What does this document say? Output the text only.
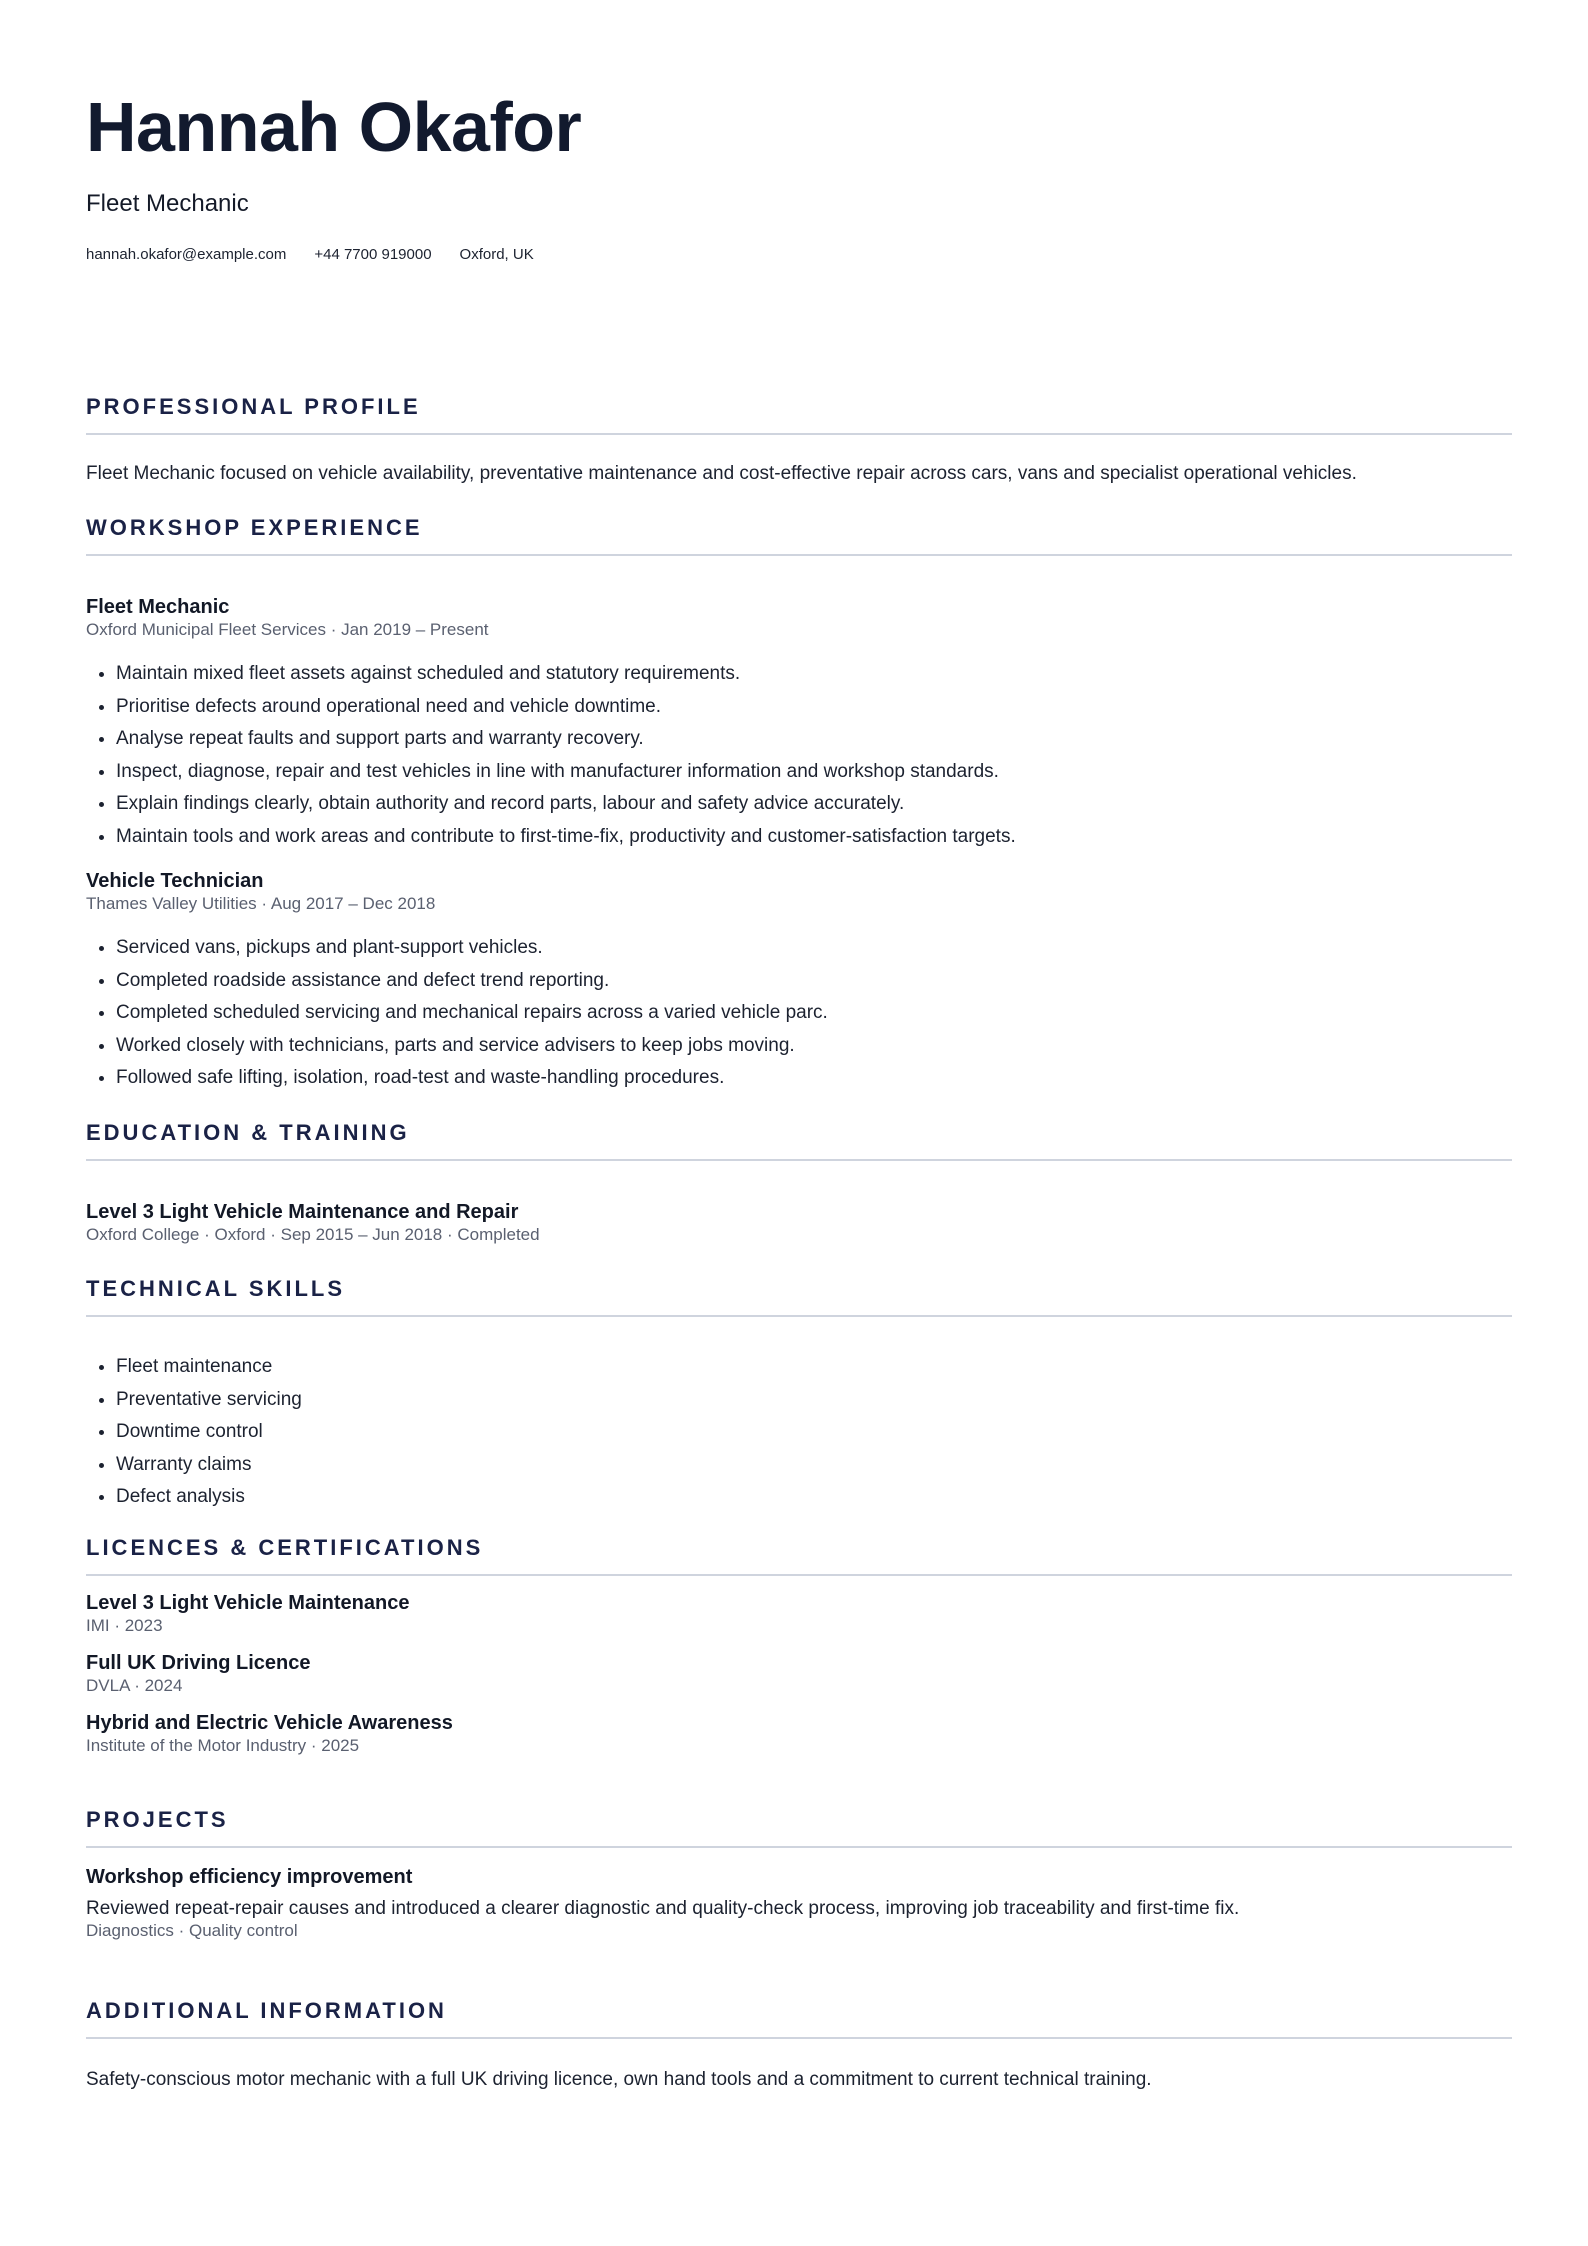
Hannah Okafor

Fleet Mechanic

hannah.okafor@example.com +44 7700 919000 Oxford, UK
PROFESSIONAL PROFILE

Fleet Mechanic focused on vehicle availability, preventative maintenance and cost-effective repair across cars, vans and specialist operational vehicles.

WORKSHOP EXPERIENCE

Fleet Mechanic

Oxford Municipal Fleet Services · Jan 2019 – Present

• Maintain mixed fleet assets against scheduled and statutory requirements.
• Prioritise defects around operational need and vehicle downtime.
• Analyse repeat faults and support parts and warranty recovery.
• Inspect, diagnose, repair and test vehicles in line with manufacturer information and workshop standards.
• Explain findings clearly, obtain authority and record parts, labour and safety advice accurately.
• Maintain tools and work areas and contribute to first-time-fix, productivity and customer-satisfaction targets.

Vehicle Technician

Thames Valley Utilities · Aug 2017 – Dec 2018

• Serviced vans, pickups and plant-support vehicles.
• Completed roadside assistance and defect trend reporting.
• Completed scheduled servicing and mechanical repairs across a varied vehicle parc.
• Worked closely with technicians, parts and service advisers to keep jobs moving.
• Followed safe lifting, isolation, road-test and waste-handling procedures.
EDUCATION & TRAINING

Level 3 Light Vehicle Maintenance and Repair

Oxford College · Oxford · Sep 2015 – Jun 2018 · Completed

TECHNICAL SKILLS
• Fleet maintenance
• Preventative servicing
• Downtime control
• Warranty claims
• Defect analysis
LICENCES & CERTIFICATIONS

Level 3 Light Vehicle Maintenance

IMI · 2023

Full UK Driving Licence

DVLA · 2024

Hybrid and Electric Vehicle Awareness

Institute of the Motor Industry · 2025

PROJECTS

Workshop efficiency improvement

Reviewed repeat-repair causes and introduced a clearer diagnostic and quality-check process, improving job traceability and first-time fix.

Diagnostics · Quality control

ADDITIONAL INFORMATION

Safety-conscious motor mechanic with a full UK driving licence, own hand tools and a commitment to current technical training.
